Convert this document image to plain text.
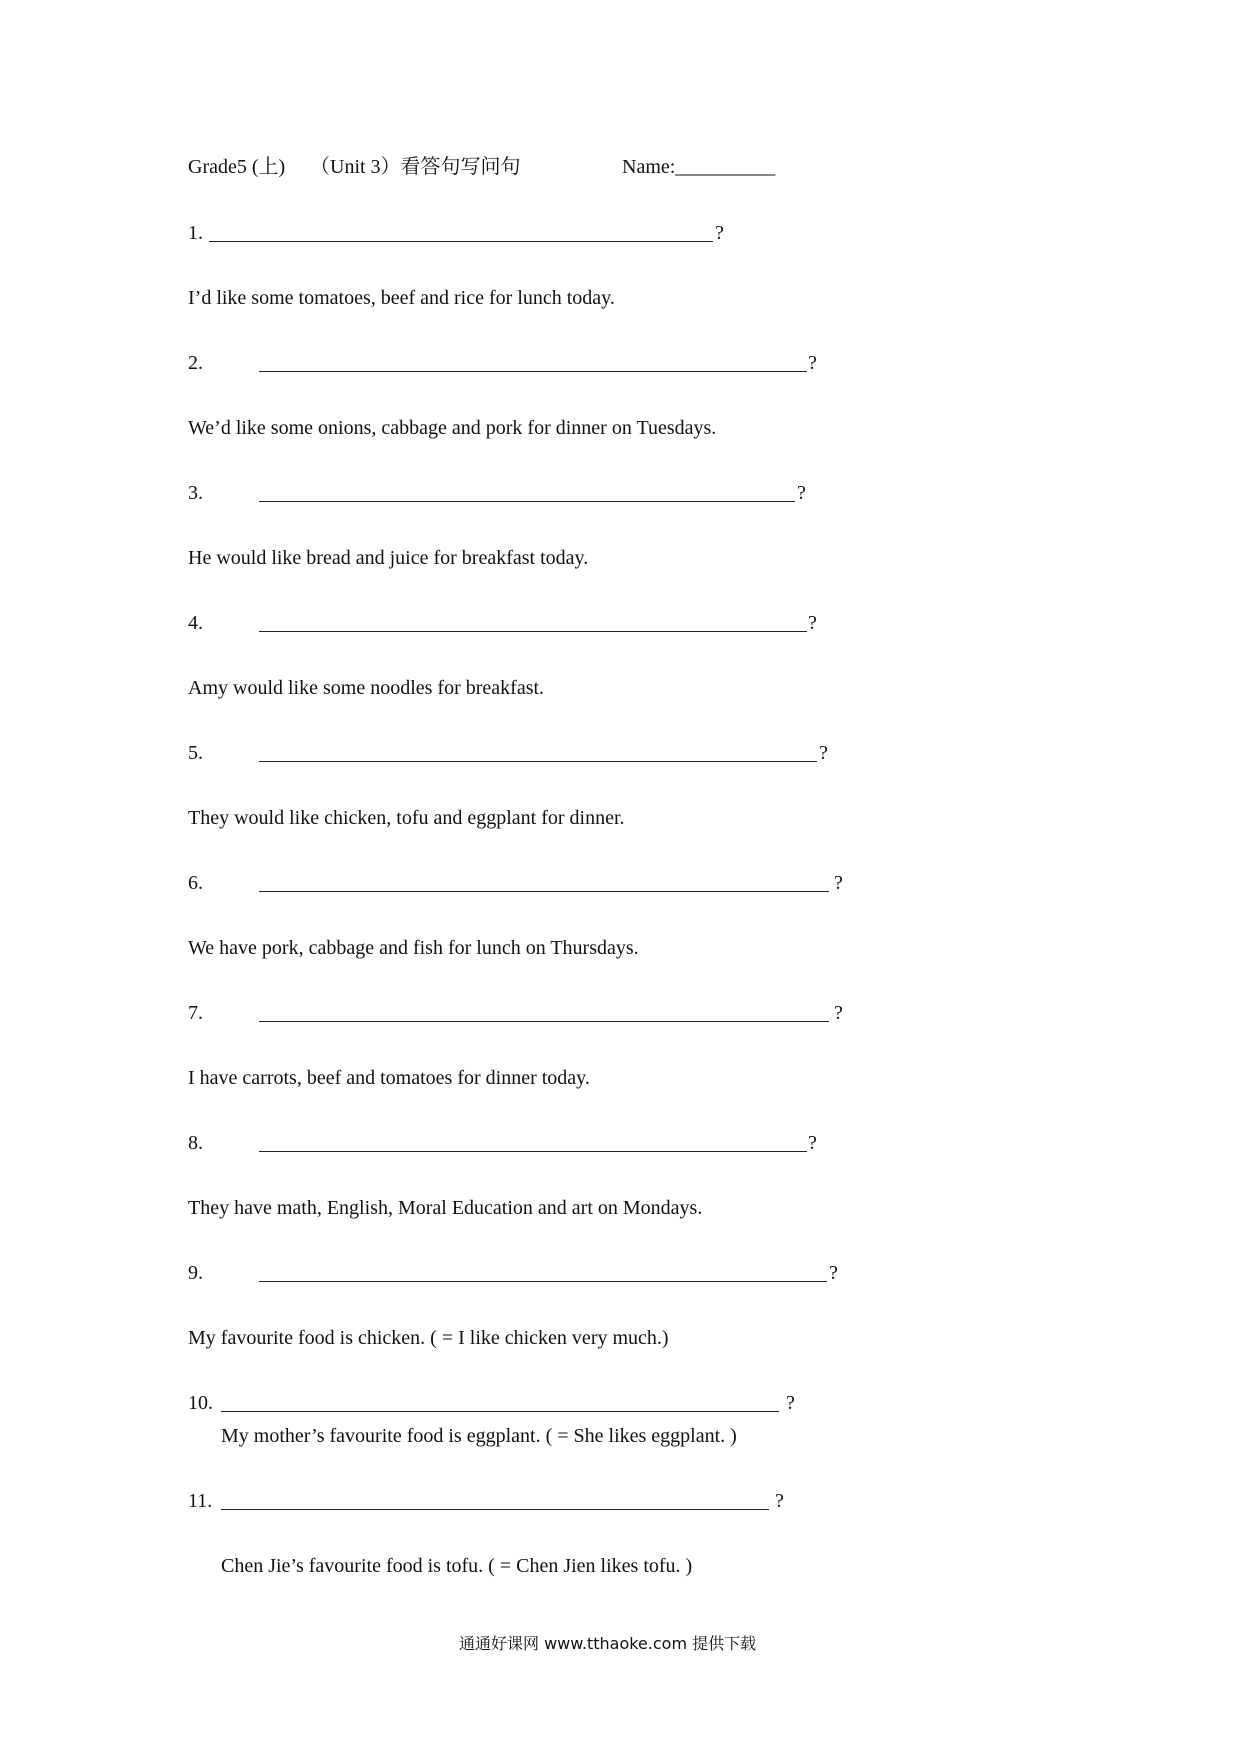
Grade5 (上) （Unit 3）看答句写问句	Name:__________
1.	?
I’d like some tomatoes, beef and rice for lunch today.
2.	?
We’d like some onions, cabbage and pork for dinner on Tuesdays.
3.	?
He would like bread and juice for breakfast today.
4.	?
Amy would like some noodles for breakfast.
5.	?
They would like chicken, tofu and eggplant for dinner.
6.	?
We have pork, cabbage and fish for lunch on Thursdays.
7.	?
I have carrots, beef and tomatoes for dinner today.
8.	?
They have math, English, Moral Education and art on Mondays.
9.	?
My favourite food is chicken. ( = I like chicken very much.)
10.	?
My mother’s favourite food is eggplant. ( = She likes eggplant. )
11.	?
Chen Jie’s favourite food is tofu. ( = Chen Jien likes tofu. )
通通好课网 www.tthaoke.com 提供下载
